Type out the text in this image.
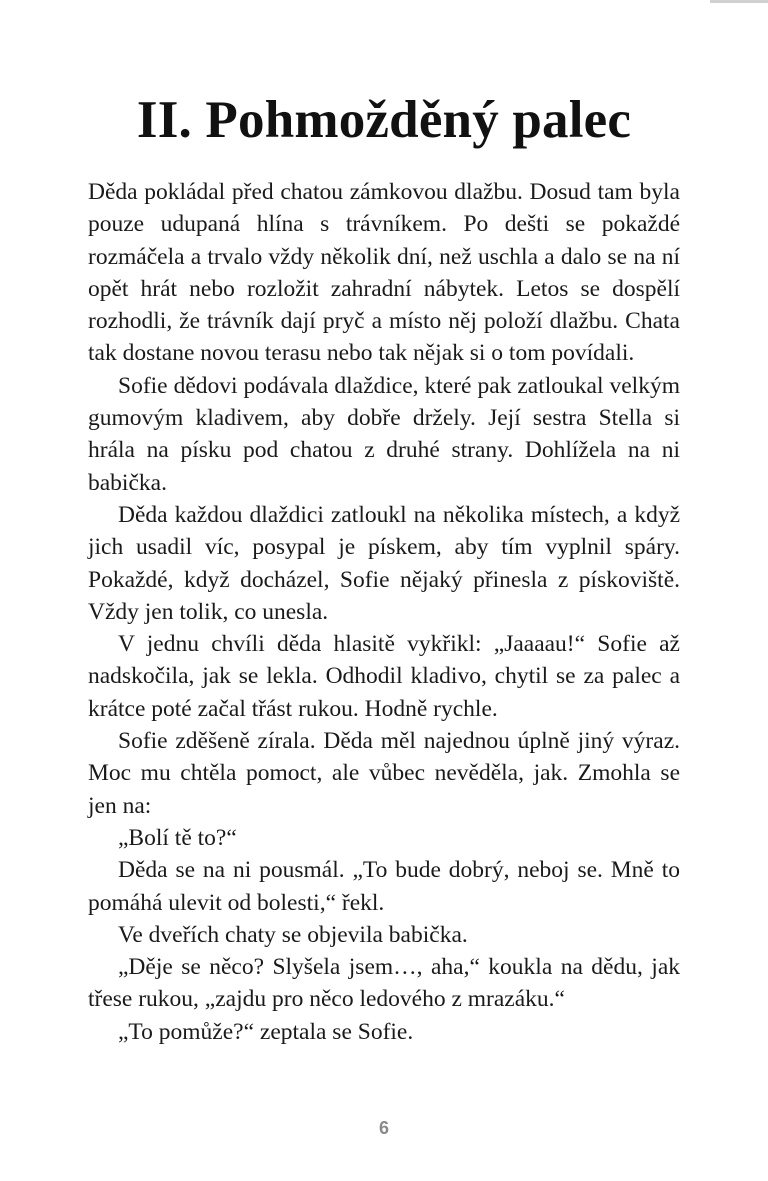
II. Pohmožděný palec

Děda pokládal před chatou zámkovou dlažbu. Dosud tam byla pouze udupaná hlína s trávníkem. Po dešti se pokaždé rozmáčela a trvalo vždy několik dní, než uschla a dalo se na ní opět hrát nebo rozložit zahradní nábytek. Letos se dospělí rozhodli, že trávník dají pryč a místo něj položí dlažbu. Chata tak dostane novou terasu nebo tak nějak si o tom povídali.

Sofie dědovi podávala dlaždice, které pak zatloukal velkým gumovým kladivem, aby dobře držely. Její sestra Stella si hrála na písku pod chatou z druhé strany. Dohlížela na ni babička.

Děda každou dlaždici zatloukl na několika místech, a když jich usadil víc, posypal je pískem, aby tím vyplnil spáry. Pokaždé, když docházel, Sofie nějaký přinesla z pískoviště. Vždy jen tolik, co unesla.

V jednu chvíli děda hlasitě vykřikl: „Jaaaau!“ Sofie až nadskočila, jak se lekla. Odhodil kladivo, chytil se za palec a krátce poté začal třást rukou. Hodně rychle.

Sofie zděšeně zírala. Děda měl najednou úplně jiný výraz. Moc mu chtěla pomoct, ale vůbec nevěděla, jak. Zmohla se jen na:

„Bolí tě to?“

Děda se na ni pousmál. „To bude dobrý, neboj se. Mně to pomáhá ulevit od bolesti,“ řekl.

Ve dveřích chaty se objevila babička.

„Děje se něco? Slyšela jsem…, aha,“ koukla na dědu, jak třese rukou, „zajdu pro něco ledového z mrazáku.“

„To pomůže?“ zeptala se Sofie.

6
